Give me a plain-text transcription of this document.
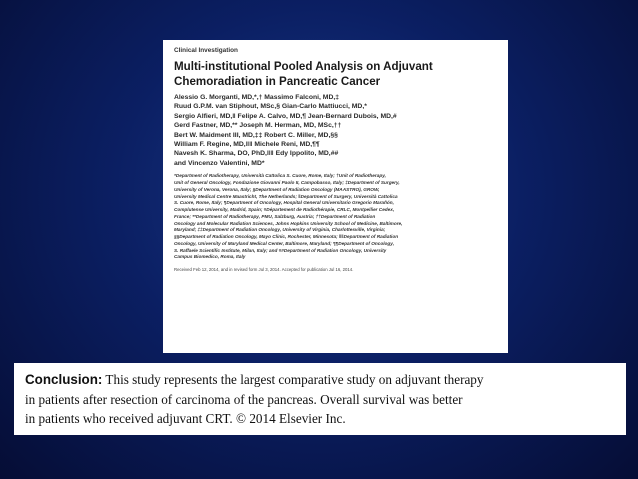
Clinical Investigation
Multi-institutional Pooled Analysis on Adjuvant Chemoradiation in Pancreatic Cancer
Alessio G. Morganti, MD,*,† Massimo Falconi, MD,‡
Ruud G.P.M. van Stiphout, MSc,§ Gian-Carlo Mattiucci, MD,*
Sergio Alfieri, MD,‖ Felipe A. Calvo, MD,¶ Jean-Bernard Dubois, MD,#
Gerd Fastner, MD,** Joseph M. Herman, MD, MSc,††
Bert W. Maidment III, MD,‡‡ Robert C. Miller, MD,§§
William F. Regine, MD,‖‖ Michele Reni, MD,¶¶
Navesh K. Sharma, DO, PhD,‖‖ Edy Ippolito, MD,##
and Vincenzo Valentini, MD*
*Department of Radiotherapy, Università Cattolica S. Cuore, Rome, Italy; †Unit of Radiotherapy,
Unit of General Oncology, Fondazione Giovanni Paolo II, Campobasso, Italy; ‡Department of Surgery,
University of Verona, Verona, Italy; §Department of Radiation Oncology (MAASTRO), GROW,
University Medical Centre Maastricht, The Netherlands; ‖Department of Surgery, Università Cattolica
S. Cuore, Rome, Italy; ¶Department of Oncology, Hospital General Universitario Gregorio Marañón,
Complutense University, Madrid, Spain; #Département de Radiothérapie, CRLC, Montpellier Cedex,
France; **Department of Radiotherapy, PMU, Salzburg, Austria; ††Department of Radiation
Oncology and Molecular Radiation Sciences, Johns Hopkins University School of Medicine, Baltimore,
Maryland; ‡‡Department of Radiation Oncology, University of Virginia, Charlottesville, Virginia;
§§Department of Radiation Oncology, Mayo Clinic, Rochester, Minnesota; ‖‖Department of Radiation
Oncology, University of Maryland Medical Center, Baltimore, Maryland; ¶¶Department of Oncology,
S. Raffaele Scientific Institute, Milan, Italy; and ##Department of Radiation Oncology, University
Campus Biomedico, Roma, Italy
Received Feb 12, 2014, and in revised form Jul 3, 2014. Accepted for publication Jul 16, 2014.
Conclusion: This study represents the largest comparative study on adjuvant therapy
in patients after resection of carcinoma of the pancreas. Overall survival was better
in patients who received adjuvant CRT. © 2014 Elsevier Inc.
